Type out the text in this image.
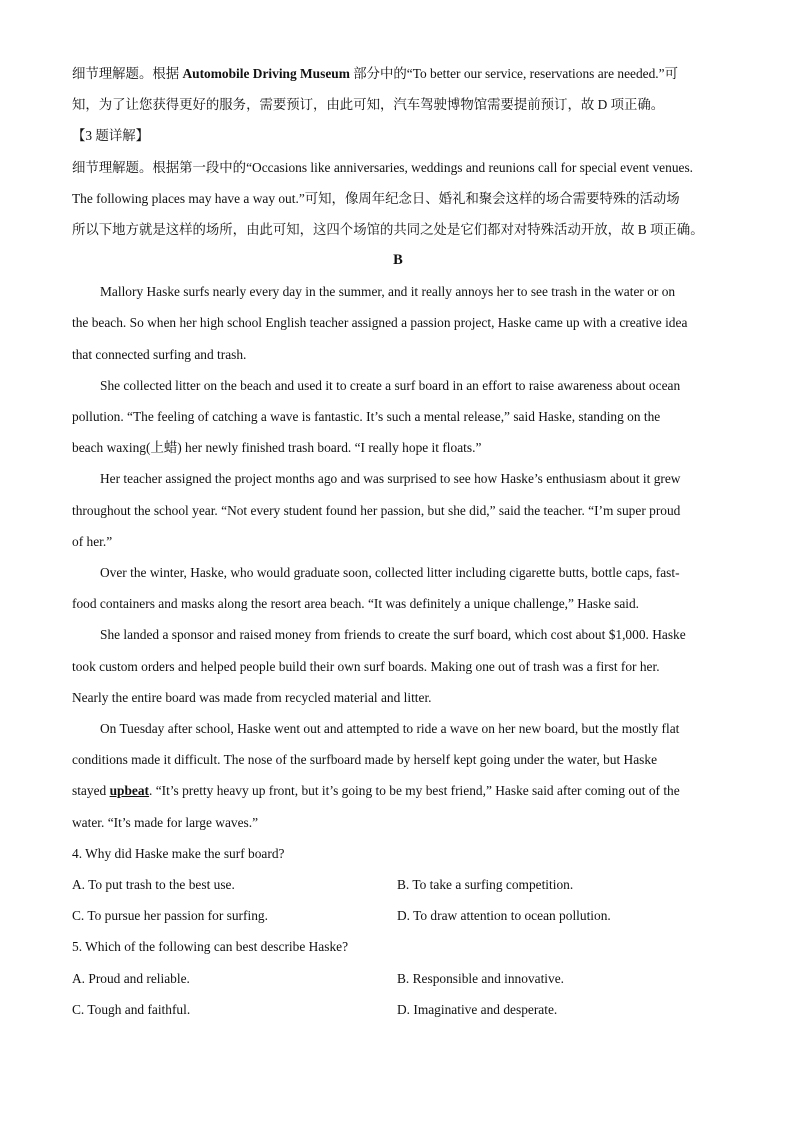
细节理解题。根据 Automobile Driving Museum 部分中的“To better our service, reservations are needed.”可
知，为了让您获得更好的服务，需要预订，由此可知，汽车驾驶博物馆需要提前预订，故 D 项正确。
【3 题详解】
细节理解题。根据第一段中的“Occasions like anniversaries, weddings and reunions call for special event venues.
The following places may have a way out.”可知，像周年纪念日、婚礼和聚会这样的场合需要特殊的活动场
所以下地方就是这样的场所，由此可知，这四个场馆的共同之处是它们都对对特殊活动开放，故 B 项正确。
B
Mallory Haske surfs nearly every day in the summer, and it really annoys her to see trash in the water or on
the beach. So when her high school English teacher assigned a passion project, Haske came up with a creative idea
that connected surfing and trash.
She collected litter on the beach and used it to create a surf board in an effort to raise awareness about ocean
pollution. “The feeling of catching a wave is fantastic. It’s such a mental release,” said Haske, standing on the
beach waxing(上蜡) her newly finished trash board. “I really hope it floats.”
Her teacher assigned the project months ago and was surprised to see how Haske’s enthusiasm about it grew
throughout the school year. “Not every student found her passion, but she did,” said the teacher. “I’m super proud
of her.”
Over the winter, Haske, who would graduate soon, collected litter including cigarette butts, bottle caps, fast-
food containers and masks along the resort area beach. “It was definitely a unique challenge,” Haske said.
She landed a sponsor and raised money from friends to create the surf board, which cost about $1,000. Haske
took custom orders and helped people build their own surf boards. Making one out of trash was a first for her.
Nearly the entire board was made from recycled material and litter.
On Tuesday after school, Haske went out and attempted to ride a wave on her new board, but the mostly flat
conditions made it difficult. The nose of the surfboard made by herself kept going under the water, but Haske
stayed upbeat. “It’s pretty heavy up front, but it’s going to be my best friend,” Haske said after coming out of the
water. “It’s made for large waves.”
4. Why did Haske make the surf board?
A. To put trash to the best use.	B. To take a surfing competition.
C. To pursue her passion for surfing.	D. To draw attention to ocean pollution.
5. Which of the following can best describe Haske?
A. Proud and reliable.	B. Responsible and innovative.
C. Tough and faithful.	D. Imaginative and desperate.
